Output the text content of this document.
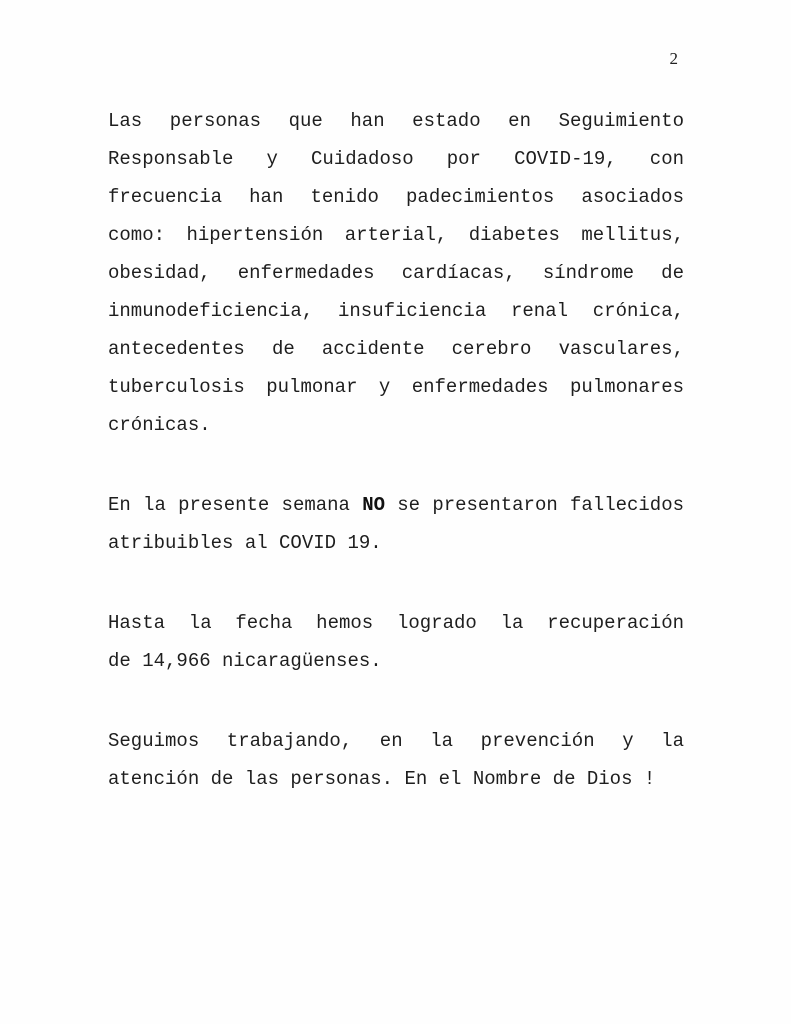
2
Las personas que han estado en Seguimiento
Responsable y Cuidadoso por COVID-19, con
frecuencia han tenido padecimientos asociados
como: hipertensión arterial, diabetes mellitus,
obesidad, enfermedades cardíacas, síndrome de
inmunodeficiencia, insuficiencia renal crónica,
antecedentes de accidente cerebro vasculares,
tuberculosis pulmonar y enfermedades pulmonares
crónicas.
En la presente semana NO se presentaron fallecidos
atribuibles al COVID 19.
Hasta la fecha hemos logrado la recuperación
de 14,966 nicaragüenses.
Seguimos trabajando, en la prevención y la
atención de las personas. En el Nombre de Dios !
